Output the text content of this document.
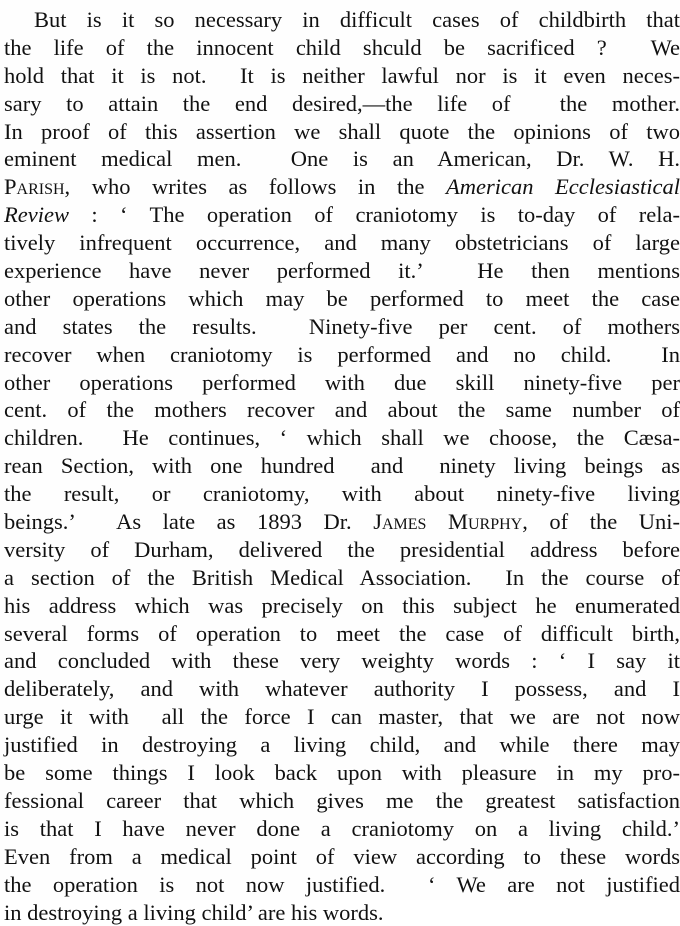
But is it so necessary in difficult cases of childbirth that
the life of the innocent child shculd be sacrificed ?  We
hold that it is not.  It is neither lawful nor is it even neces-
sary to attain the end desired,—the life of  the mother.
In proof of this assertion we shall quote the opinions of two
eminent medical men.  One is an American, Dr. W. H.
Parish, who writes as follows in the American Ecclesiastical
Review : ‘ The operation of craniotomy is to-day of rela-
tively infrequent occurrence, and many obstetricians of large
experience have never performed it.’  He then mentions
other operations which may be performed to meet the case
and states the results.  Ninety-five per cent. of mothers
recover when craniotomy is performed and no child.  In
other operations performed with due skill ninety-five per
cent. of the mothers recover and about the same number of
children.  He continues, ‘ which shall we choose, the Cæsa-
rean Section, with one hundred  and  ninety living beings as
the result, or craniotomy, with about ninety-five living
beings.’  As late as 1893 Dr. James Murphy, of the Uni-
versity of Durham, delivered the presidential address before
a section of the British Medical Association.  In the course of
his address which was precisely on this subject he enumerated
several forms of operation to meet the case of difficult birth,
and concluded with these very weighty words : ‘ I say it
deliberately, and with whatever authority I possess, and I
urge it with  all the force I can master, that we are not now
justified in destroying a living child, and while there may
be some things I look back upon with pleasure in my pro-
fessional career that which gives me the greatest satisfaction
is that I have never done a craniotomy on a living child.’
Even from a medical point of view according to these words
the operation is not now justified.  ‘ We are not justified
in destroying a living child’ are his words.
